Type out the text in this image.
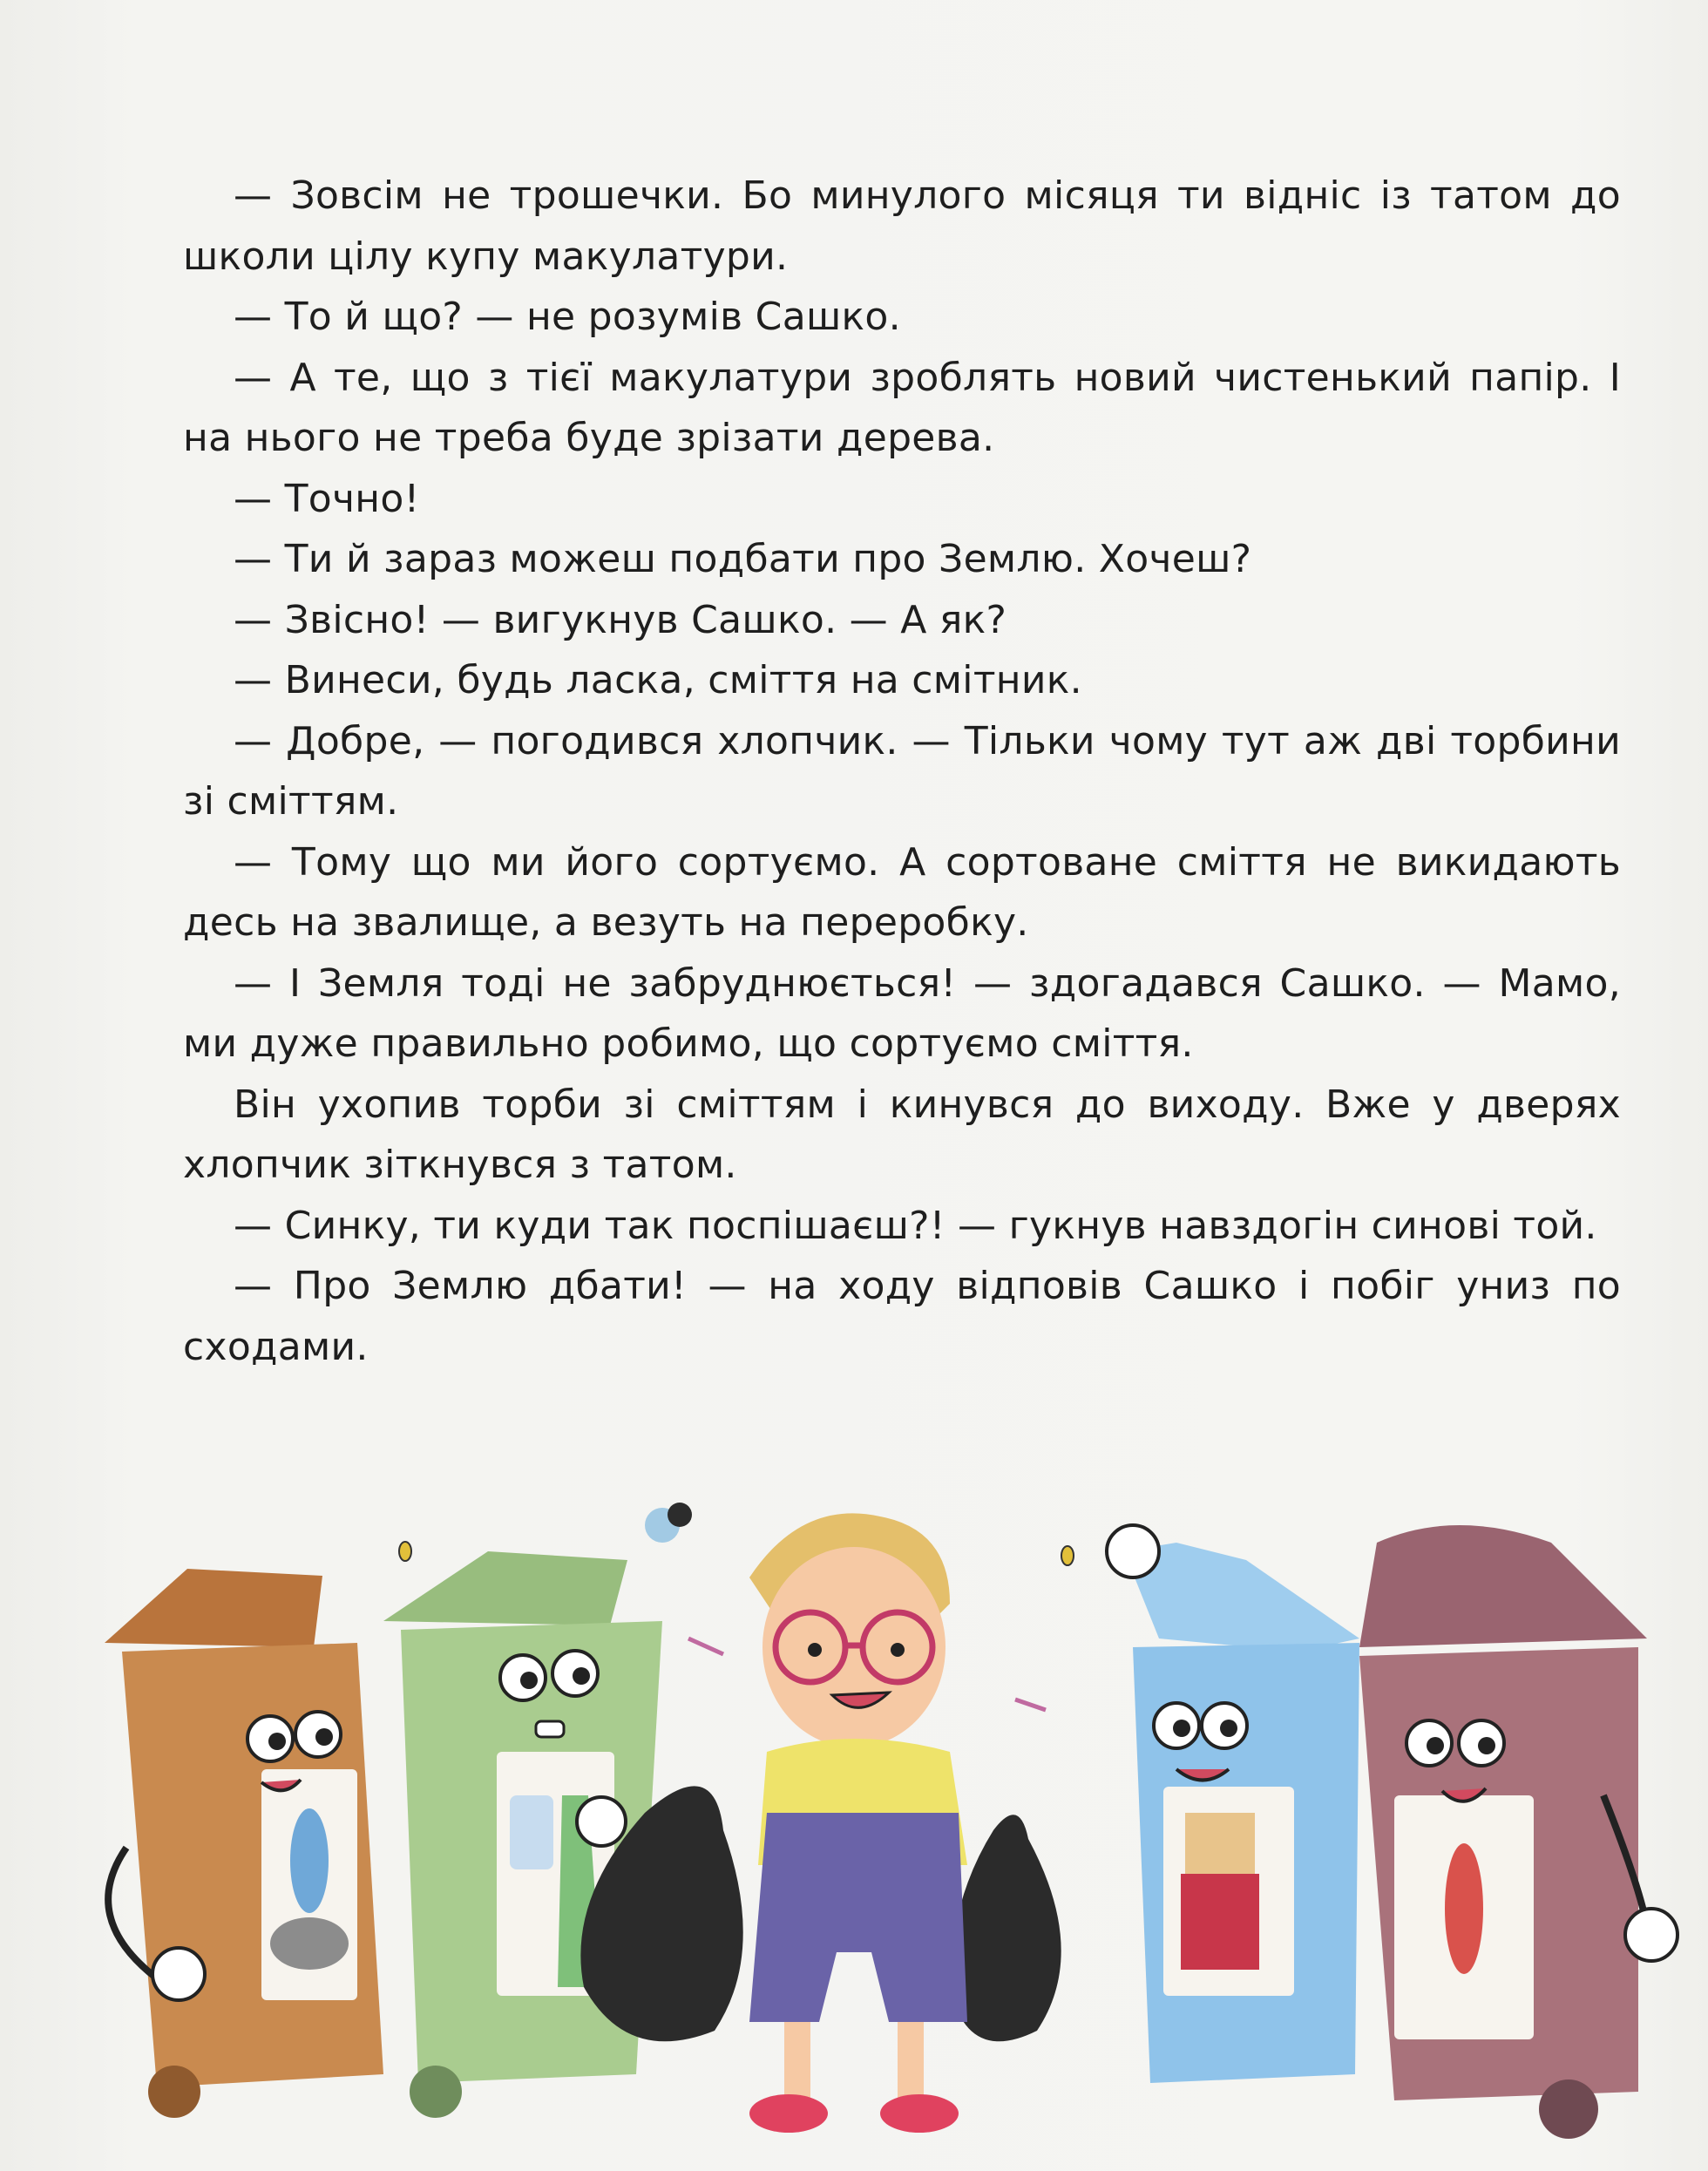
— Зовсім не трошечки. Бо минулого місяця ти відніс із татом до школи цілу купу макулатури.

— То й що? — не розумів Сашко.

— А те, що з тієї макулатури зроблять новий чистенький папір. І на нього не треба буде зрізати дерева.

— Точно!

— Ти й зараз можеш подбати про Землю. Хочеш?

— Звісно! — вигукнув Сашко. — А як?

— Винеси, будь ласка, сміття на смітник.

— Добре, — погодився хлопчик. — Тільки чому тут аж дві торбини зі сміттям.

— Тому що ми його сортуємо. А сортоване сміття не викидають десь на звалище, а везуть на переробку.

— І Земля тоді не забруднюється! — здогадався Сашко. — Мамо, ми дуже правильно робимо, що сортуємо сміття.

Він ухопив торби зі сміттям і кинувся до виходу. Вже у дверях хлопчик зіткнувся з татом.

— Синку, ти куди так поспішаєш?! — гукнув навздогін синові той.

— Про Землю дбати! — на ходу відповів Сашко і побіг униз по сходами.
